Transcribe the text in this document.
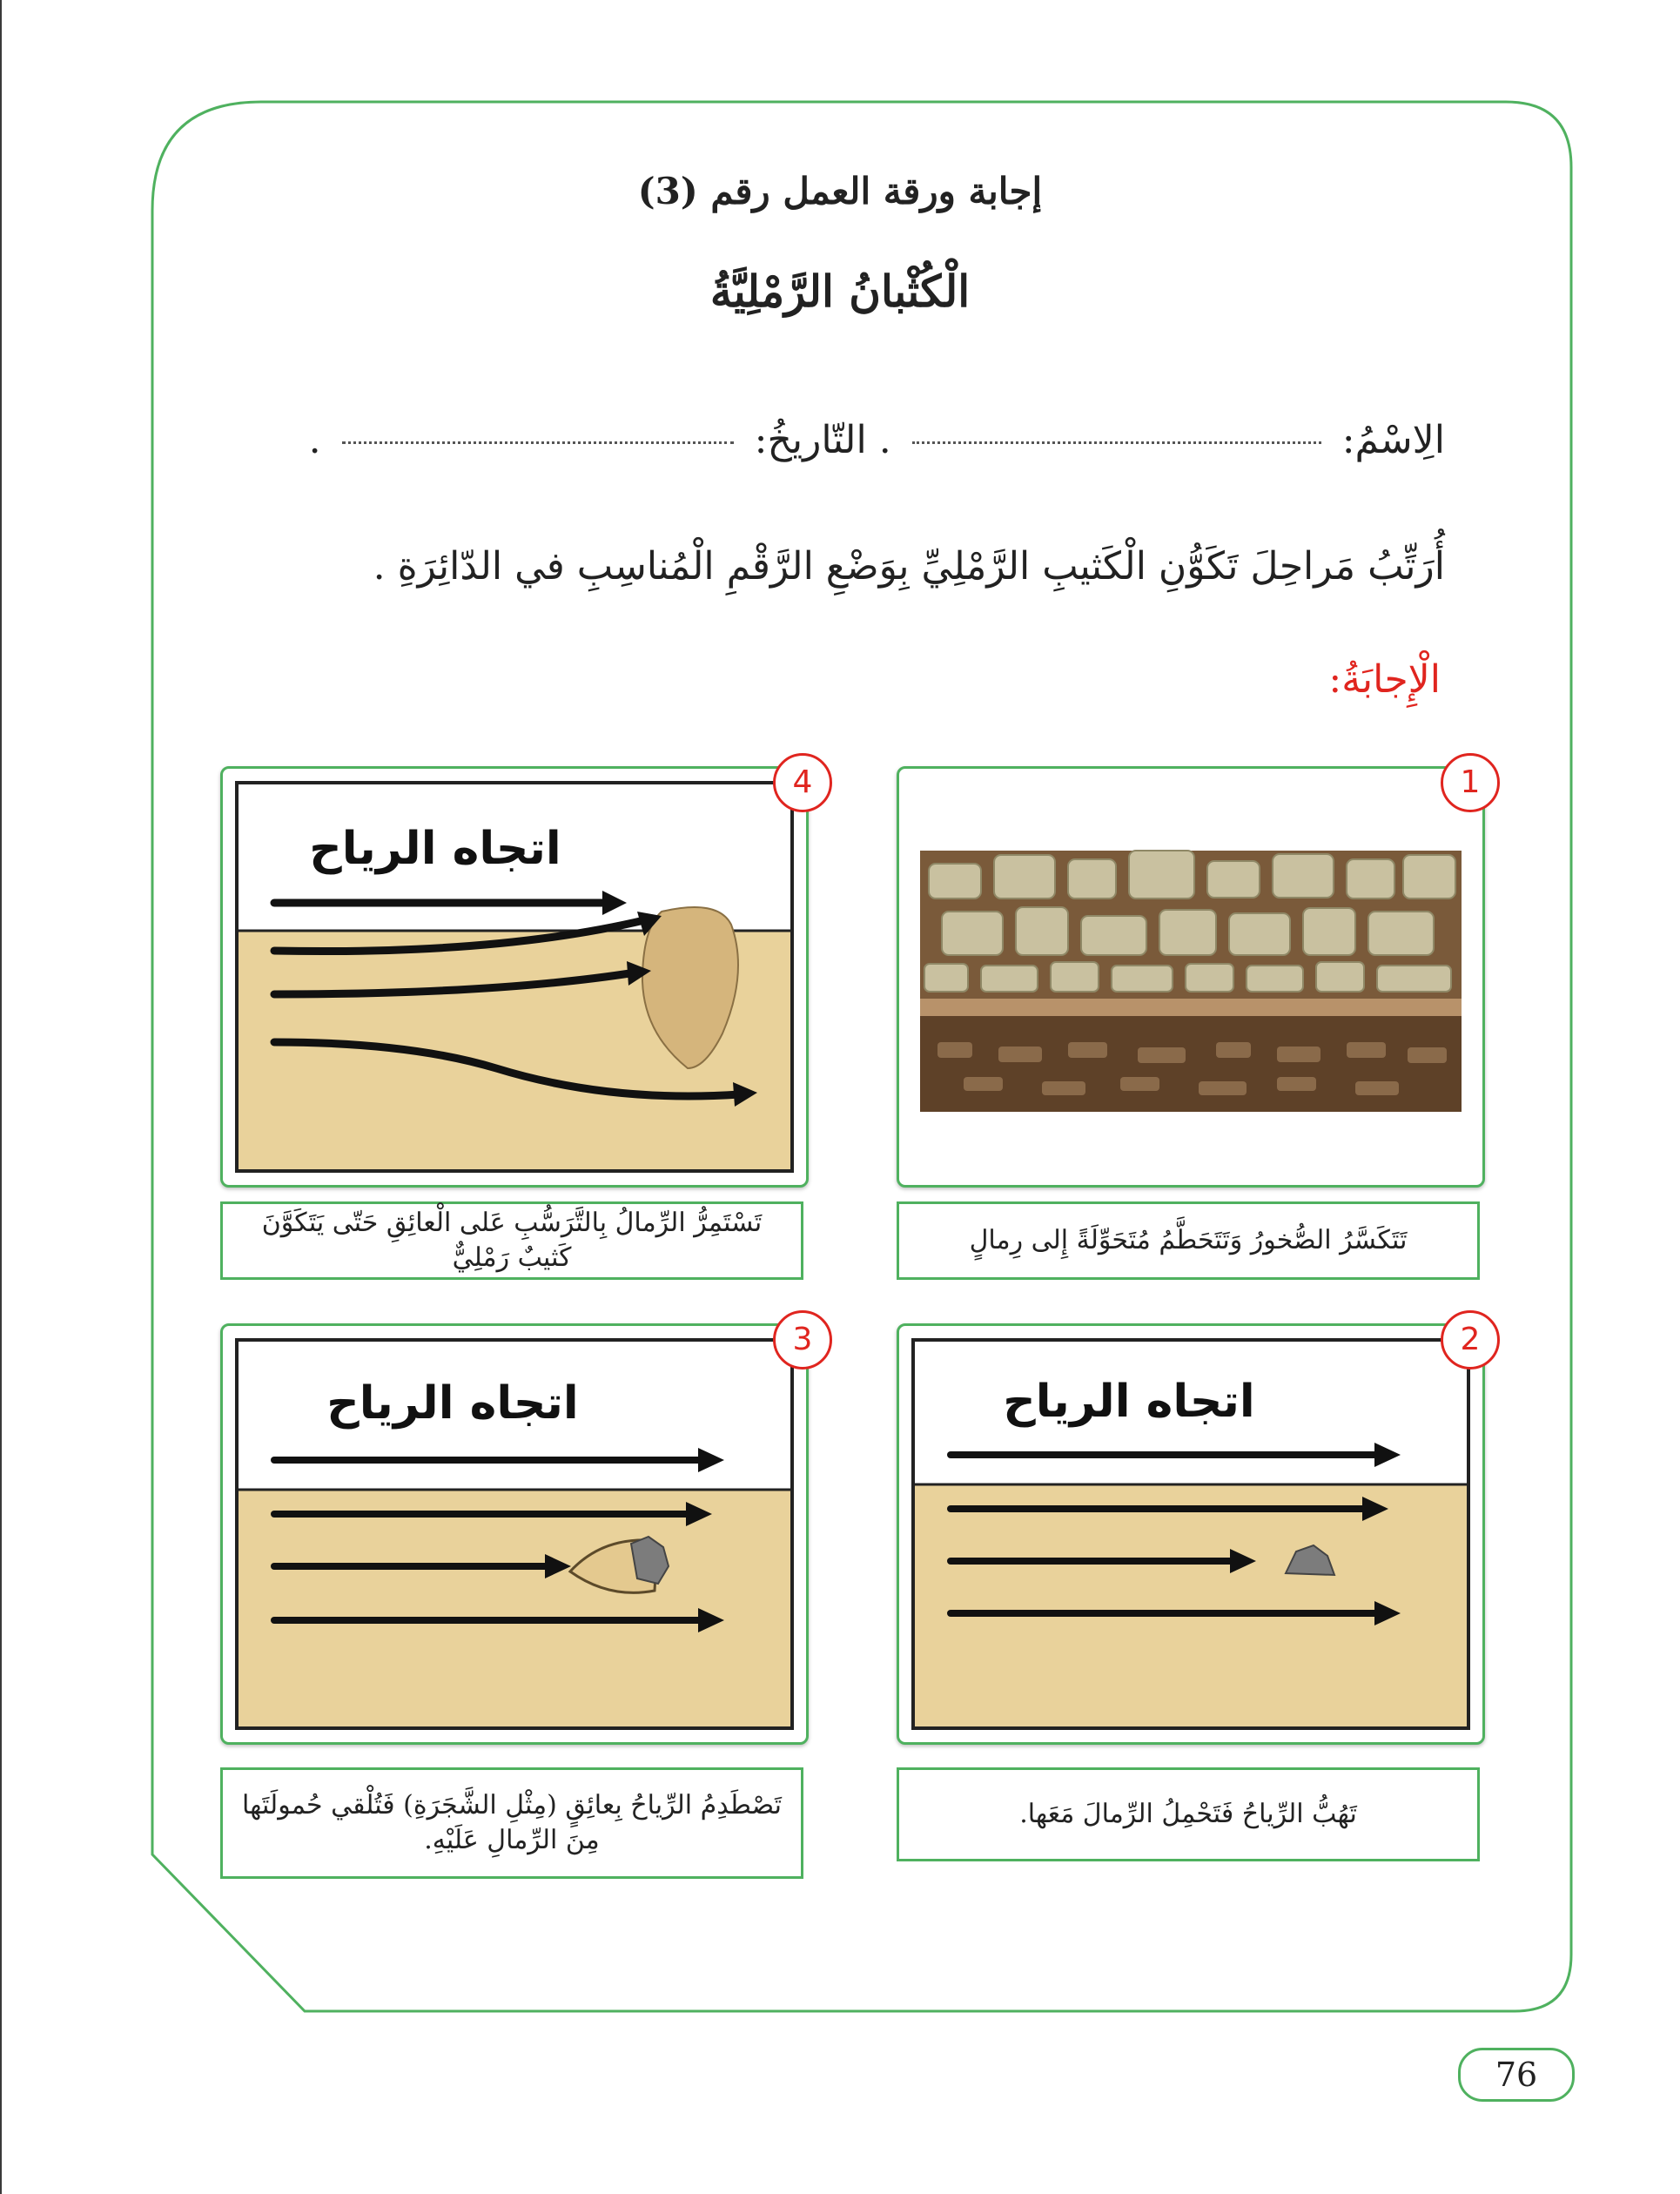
إجابة ورقة العمل رقم (3)
الْكُثْبانُ الرَّمْلِيَّةُ
الِاسْمُ:  . التّاريخُ:  .
أُرَتِّبُ مَراحِلَ تَكَوُّنِ الْكَثيبِ الرَّمْلِيِّ بِوَضْعِ الرَّقْمِ الْمُناسِبِ في الدّائِرَةِ .
الْإِجابَةُ:
1
تَتَكَسَّرُ الصُّخورُ وَتَتَحَطَّمُ مُتَحَوِّلَةً إِلى رِمالٍ
اتجاه الرياح
4
تَسْتَمِرُّ الرِّمالُ بِالتَّرَسُّبِ عَلى الْعائِقِ حَتّى يَتَكَوَّنَ كَثيبٌ رَمْلِيٌّ
اتجاه الرياح
2
تَهُبُّ الرِّياحُ فَتَحْمِلُ الرِّمالَ مَعَها.
اتجاه الرياح
3
تَصْطَدِمُ الرِّياحُ بِعائِقٍ (مِثْلِ الشَّجَرَةِ) فَتُلْقي حُمولَتَها مِنَ الرِّمالِ عَلَيْهِ.
76
